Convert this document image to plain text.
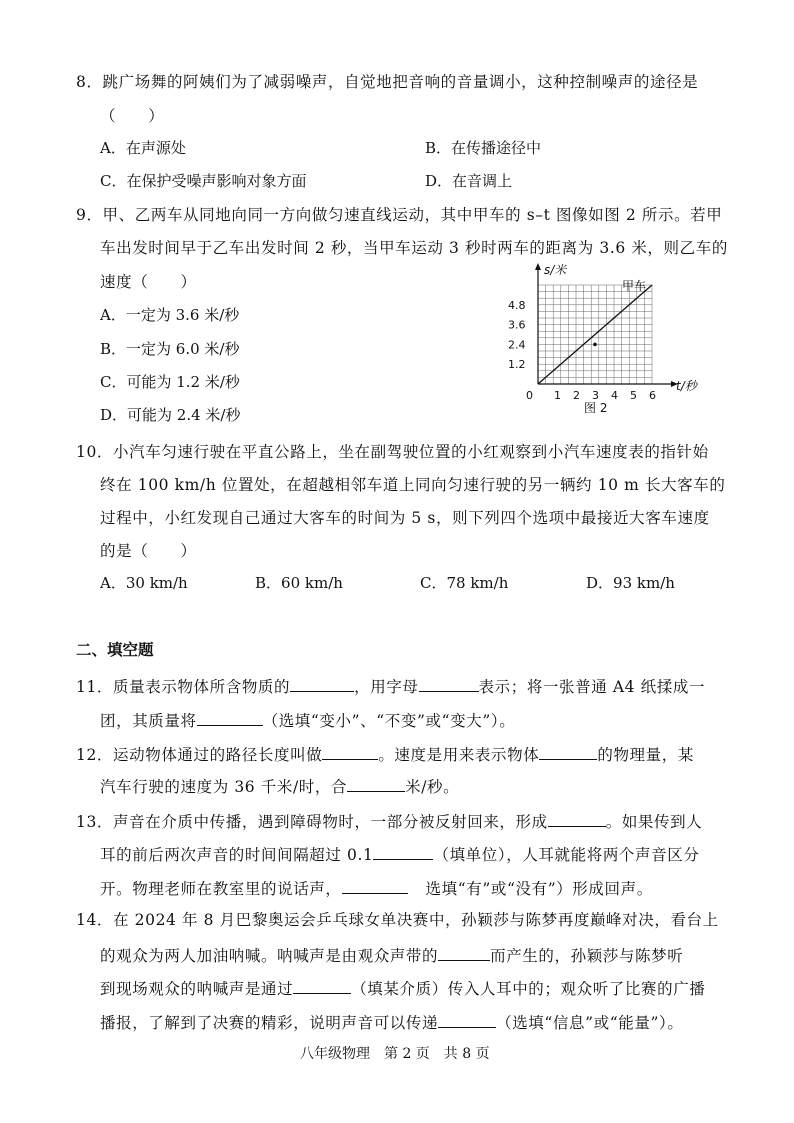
8．跳广场舞的阿姨们为了减弱噪声，自觉地把音响的音量调小，这种控制噪声的途径是
（　　）
A．在声源处	B．在传播途径中
C．在保护受噪声影响对象方面	D．在音调上
9．甲、乙两车从同地向同一方向做匀速直线运动，其中甲车的 s–t 图像如图 2 所示。若甲
车出发时间早于乙车出发时间 2 秒，当甲车运动 3 秒时两车的距离为 3.6 米，则乙车的
速度（　　）
A．一定为 3.6 米/秒
B．一定为 6.0 米/秒
C．可能为 1.2 米/秒
D．可能为 2.4 米/秒
0 1 2 3 4 5 6
1.2
2.4
3.6
4.8
s/米
t/秒
甲车
图 2
10．小汽车匀速行驶在平直公路上，坐在副驾驶位置的小红观察到小汽车速度表的指针始
终在 100 km/h 位置处，在超越相邻车道上同向匀速行驶的另一辆约 10 m 长大客车的
过程中，小红发现自己通过大客车的时间为 5 s，则下列四个选项中最接近大客车速度
的是（　　）
A．30 km/h	B．60 km/h	C．78 km/h	D．93 km/h
二、填空题
11．质量表示物体所含物质的	，用字母	表示；将一张普通 A4 纸揉成一
团，其质量将	（选填“变小”、“不变”或“变大”）。
12．运动物体通过的路径长度叫做	。速度是用来表示物体	的物理量，某
汽车行驶的速度为 36 千米/时，合	米/秒。
13．声音在介质中传播，遇到障碍物时，一部分被反射回来，形成	。如果传到人
耳的前后两次声音的时间间隔超过 0.1	（填单位），人耳就能将两个声音区分
开。物理老师在教室里的说话声，	选填“有”或“没有”）形成回声。
14．在 2024 年 8 月巴黎奥运会乒乓球女单决赛中，孙颖莎与陈梦再度巅峰对决，看台上
的观众为两人加油呐喊。呐喊声是由观众声带的	而产生的，孙颖莎与陈梦听
到现场观众的呐喊声是通过	（填某介质）传入人耳中的；观众听了比赛的广播
播报，了解到了决赛的精彩，说明声音可以传递	（选填“信息”或“能量”）。
八年级物理　第 2 页　共 8 页
